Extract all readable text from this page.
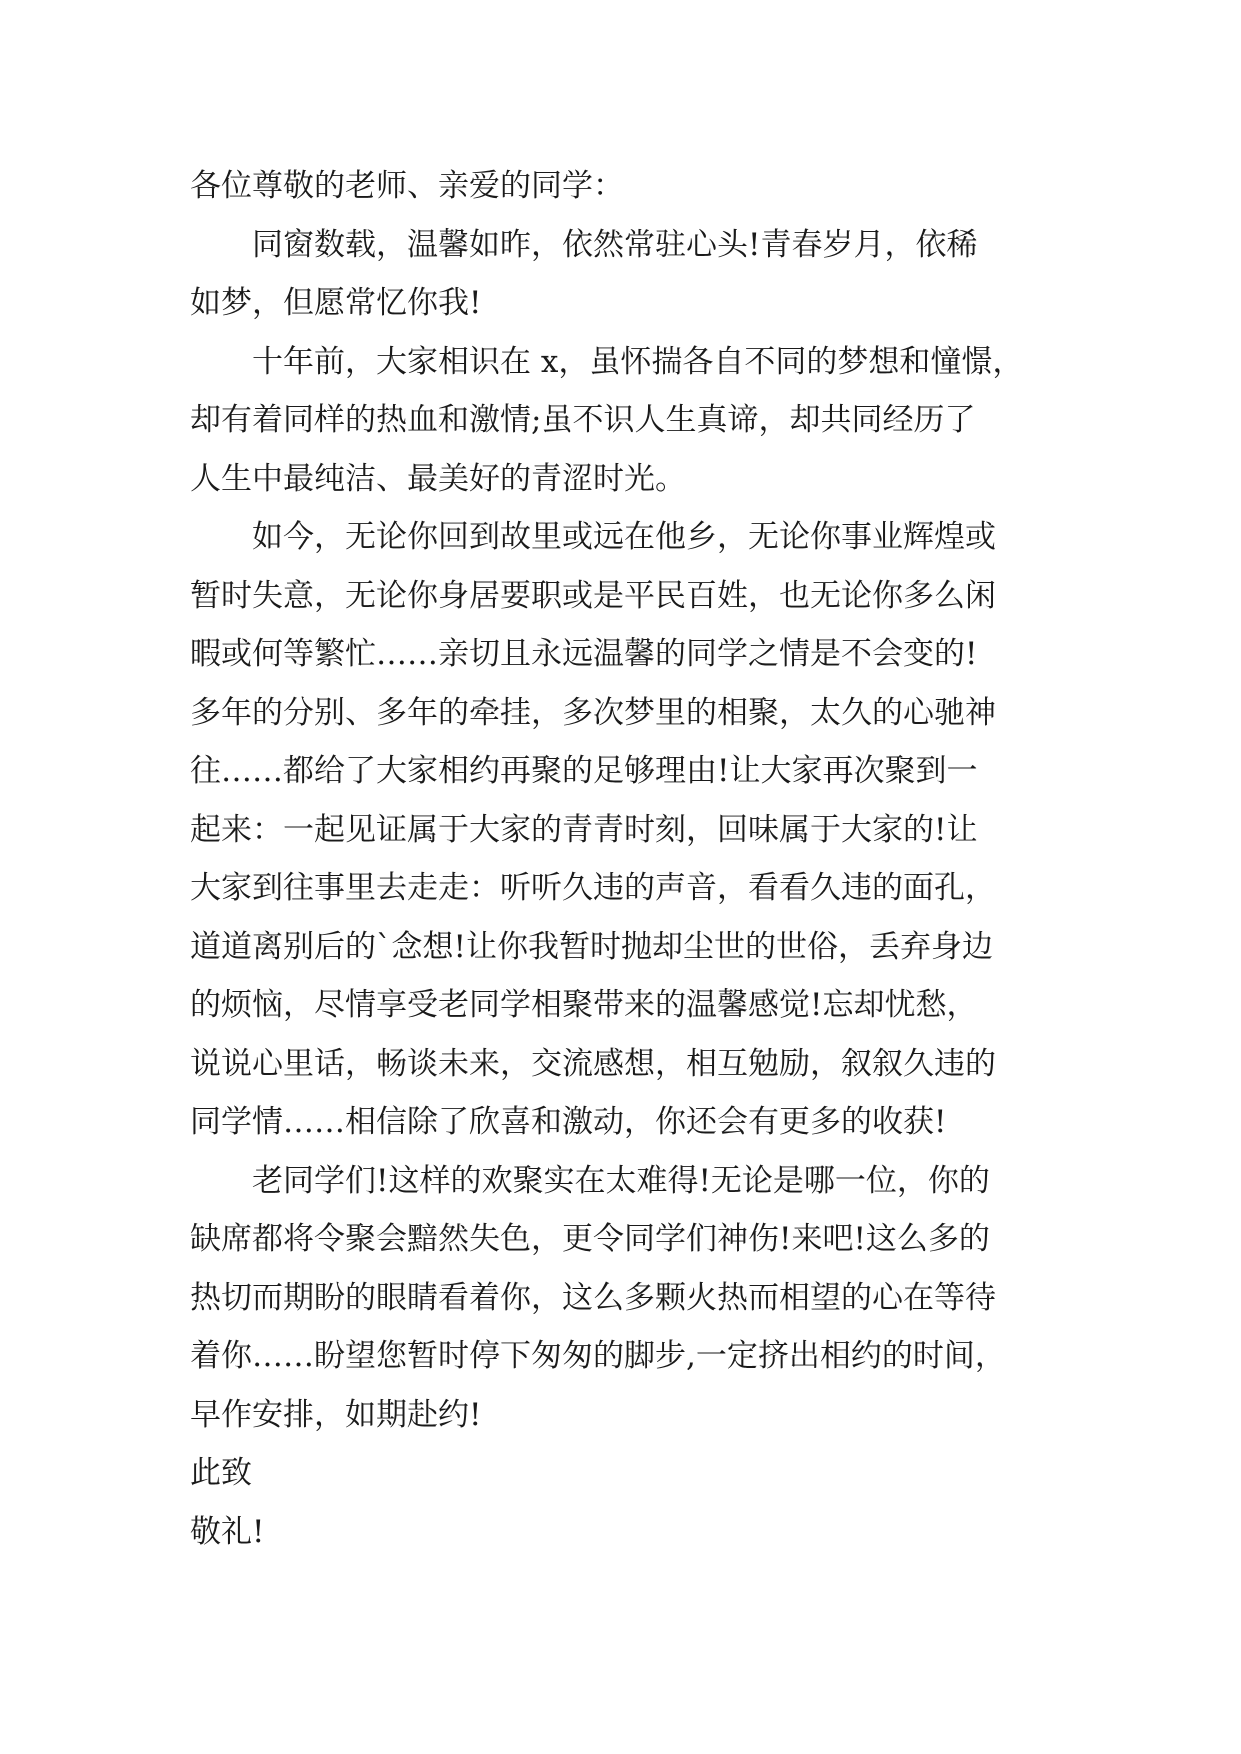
各位尊敬的老师、亲爱的同学：
　　同窗数载，温馨如昨，依然常驻心头!青春岁月，依稀
如梦，但愿常忆你我!
　　十年前，大家相识在 x，虽怀揣各自不同的梦想和憧憬，
却有着同样的热血和激情;虽不识人生真谛，却共同经历了
人生中最纯洁、最美好的青涩时光。
　　如今，无论你回到故里或远在他乡，无论你事业辉煌或
暂时失意，无论你身居要职或是平民百姓，也无论你多么闲
暇或何等繁忙……亲切且永远温馨的同学之情是不会变的!
多年的分别、多年的牵挂，多次梦里的相聚，太久的心驰神
往……都给了大家相约再聚的足够理由!让大家再次聚到一
起来：一起见证属于大家的青青时刻，回味属于大家的!让
大家到往事里去走走：听听久违的声音，看看久违的面孔，
道道离别后的`念想!让你我暂时抛却尘世的世俗，丢弃身边
的烦恼，尽情享受老同学相聚带来的温馨感觉!忘却忧愁，
说说心里话，畅谈未来，交流感想，相互勉励，叙叙久违的
同学情……相信除了欣喜和激动，你还会有更多的收获!
　　老同学们!这样的欢聚实在太难得!无论是哪一位，你的
缺席都将令聚会黯然失色，更令同学们神伤!来吧!这么多的
热切而期盼的眼睛看着你，这么多颗火热而相望的心在等待
着你……盼望您暂时停下匆匆的脚步,一定挤出相约的时间，
早作安排，如期赴约!
此致
敬礼!
